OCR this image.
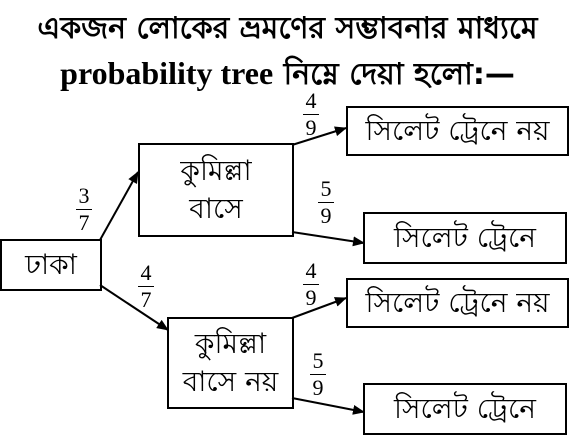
একজন লোকের ভ্রমণের সম্ভাবনার মাধ্যমে
probability tree নিম্নে দেয়া হলো:—
ঢাকা
কুমিল্লা
বাসে
কুমিল্লা
বাসে নয়
সিলেট ট্রেনে নয়
সিলেট ট্রেনে
সিলেট ট্রেনে নয়
সিলেট ট্রেনে
3
7
4
7
4
9
5
9
4
9
5
9
